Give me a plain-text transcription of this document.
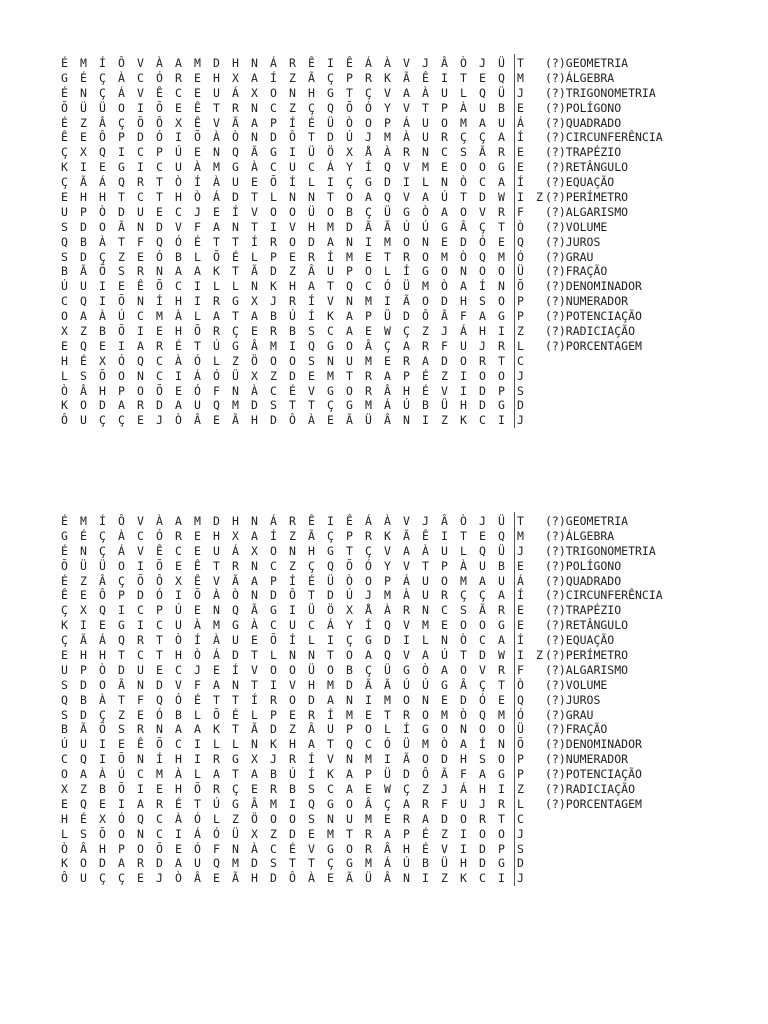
É	M	Í	Ô	V	À	A	M	D	H	N	Á	R	Ê	I	Ê	Á	À	V	J	Â	Ò	J	Ü	T
G	É	Ç	À	C	Ó	R	E	H	X	A	Í	Z	Ã	Ç	P	R	K	Ã	Ê	I	T	E	Q	M
É	N	Ç	Á	V	Ê	C	E	U	Á	X	O	N	H	G	T	Ç	V	A	À	U	L	Q	Ü	J
Õ	Ü	Ü	O	I	Õ	E	Ê	T	R	N	C	Z	Ç	Q	Õ	Ó	Y	V	T	P	À	U	B	E
É	Z	Â	Ç	Õ	Ô	X	Ê	V	Ã	A	P	Í	É	Ü	Ò	O	P	Á	U	O	M	A	U	Á
Ê	E	Ô	P	D	Ó	I	Õ	À	Ò	N	D	Ô	T	D	Ú	J	M	À	U	R	Ç	Ç	A	Í
Ç	X	Q	I	C	P	Ú	E	N	Q	Ã	G	I	Ü	Ö	X	Å	À	R	N	C	S	Ã	R	E
K	I	E	G	I	C	U	À	M	G	À	C	U	C	Á	Y	Í	Q	V	M	E	O	O	G	E
Ç	Ã	Á	Q	R	T	Ò	Í	À	U	E	Õ	Í	L	I	Ç	G	D	I	L	N	Ò	C	A	Í
E	H	H	T	C	T	H	Ò	Á	D	T	L	N	N	T	O	A	Q	V	A	Ú	T	D	W	I	Z
U	P	Ò	D	U	E	C	J	E	Í	V	O	O	Ü	O	B	Ç	Ü	G	Ò	A	O	V	R	F
S	D	O	Ã	N	D	V	F	A	N	T	I	V	H	M	D	Ã	Ã	Ú	Ú	G	Â	Ç	T	Ò
Q	B	À	T	F	Q	Ó	É	T	T	Í	R	O	D	A	N	I	M	O	N	E	D	Ó	E	Q
S	D	Ç	Z	E	Ó	B	L	Õ	É	L	P	E	R	Í	M	E	T	R	O	M	Ò	Q	M	Ó
B	Ã	Õ	S	R	N	A	A	K	T	Ã	D	Z	Â	U	P	O	L	Í	G	O	N	O	O	Ü
Ú	U	I	E	Ê	Õ	C	I	L	L	N	K	H	A	T	Q	C	Ó	Ü	M	Ò	A	Í	N	Õ
C	Q	I	Õ	N	Í	H	I	R	G	X	J	R	Í	V	N	M	I	Ã	O	D	H	S	O	P
O	A	À	Ú	C	M	À	L	A	T	A	B	Ú	Í	K	A	P	Ü	D	Ô	Ã	F	A	G	P
X	Z	B	Õ	I	E	H	Õ	R	Ç	E	R	B	S	C	A	E	W	Ç	Z	J	Á	H	I	Z
E	Q	E	I	A	R	É	T	Ú	G	Â	M	I	Q	G	O	Â	Ç	A	R	F	U	J	R	L
H	É	X	Ó	Q	C	À	Ó	L	Z	Ö	O	O	S	N	U	M	E	R	A	D	O	R	T	C
L	S	Õ	O	N	C	I	Á	Ó	Ü	X	Z	D	E	M	T	R	A	P	É	Z	I	O	O	J
Ò	Â	H	P	O	Õ	E	Ó	F	N	À	C	É	V	G	O	R	Â	H	É	V	I	D	P	S
K	O	D	A	R	D	A	U	Q	M	D	S	T	T	Ç	G	M	Á	Ú	B	Ü	H	D	G	D
Ô	U	Ç	Ç	E	J	Ò	Â	E	Ã	H	D	Ô	À	E	Ã	Ü	Â	N	I	Z	K	C	I	J
(?)GEOMETRIA
(?)ÁLGEBRA
(?)TRIGONOMETRIA
(?)POLÍGONO
(?)QUADRADO
(?)CIRCUNFERÊNCIA
(?)TRAPÉZIO
(?)RETÂNGULO
(?)EQUAÇÃO
(?)PERÍMETRO
(?)ALGARISMO
(?)VOLUME
(?)JUROS
(?)GRAU
(?)FRAÇÃO
(?)DENOMINADOR
(?)NUMERADOR
(?)POTENCIAÇÃO
(?)RADICIAÇÃO
(?)PORCENTAGEM
É	M	Í	Ô	V	À	A	M	D	H	N	Á	R	Ê	I	Ê	Á	À	V	J	Â	Ò	J	Ü	T
G	É	Ç	À	C	Ó	R	E	H	X	A	Í	Z	Ã	Ç	P	R	K	Ã	Ê	I	T	E	Q	M
É	N	Ç	Á	V	Ê	C	E	U	Á	X	O	N	H	G	T	Ç	V	A	À	U	L	Q	Ü	J
Õ	Ü	Ü	O	I	Õ	E	Ê	T	R	N	C	Z	Ç	Q	Õ	Ó	Y	V	T	P	À	U	B	E
É	Z	Â	Ç	Õ	Ô	X	Ê	V	Ã	A	P	Í	É	Ü	Ò	O	P	Á	U	O	M	A	U	Á
Ê	E	Ô	P	D	Ó	I	Õ	À	Ò	N	D	Ô	T	D	Ú	J	M	À	U	R	Ç	Ç	A	Í
Ç	X	Q	I	C	P	Ú	E	N	Q	Ã	G	I	Ü	Ö	X	Å	À	R	N	C	S	Ã	R	E
K	I	E	G	I	C	U	À	M	G	À	C	U	C	Á	Y	Í	Q	V	M	E	O	O	G	E
Ç	Ã	Á	Q	R	T	Ò	Í	À	U	E	Õ	Í	L	I	Ç	G	D	I	L	N	Ò	C	A	Í
E	H	H	T	C	T	H	Ò	Á	D	T	L	N	N	T	O	A	Q	V	A	Ú	T	D	W	I	Z
U	P	Ò	D	U	E	C	J	E	Í	V	O	O	Ü	O	B	Ç	Ü	G	Ò	A	O	V	R	F
S	D	O	Ã	N	D	V	F	A	N	T	I	V	H	M	D	Ã	Ã	Ú	Ú	G	Â	Ç	T	Ò
Q	B	À	T	F	Q	Ó	É	T	T	Í	R	O	D	A	N	I	M	O	N	E	D	Ó	E	Q
S	D	Ç	Z	E	Ó	B	L	Õ	É	L	P	E	R	Í	M	E	T	R	O	M	Ò	Q	M	Ó
B	Ã	Õ	S	R	N	A	A	K	T	Ã	D	Z	Â	U	P	O	L	Í	G	O	N	O	O	Ü
Ú	U	I	E	Ê	Õ	C	I	L	L	N	K	H	A	T	Q	C	Ó	Ü	M	Ò	A	Í	N	Õ
C	Q	I	Õ	N	Í	H	I	R	G	X	J	R	Í	V	N	M	I	Ã	O	D	H	S	O	P
O	A	À	Ú	C	M	À	L	A	T	A	B	Ú	Í	K	A	P	Ü	D	Ô	Ã	F	A	G	P
X	Z	B	Õ	I	E	H	Õ	R	Ç	E	R	B	S	C	A	E	W	Ç	Z	J	Á	H	I	Z
E	Q	E	I	A	R	É	T	Ú	G	Â	M	I	Q	G	O	Â	Ç	A	R	F	U	J	R	L
H	É	X	Ó	Q	C	À	Ó	L	Z	Ö	O	O	S	N	U	M	E	R	A	D	O	R	T	C
L	S	Õ	O	N	C	I	Á	Ó	Ü	X	Z	D	E	M	T	R	A	P	É	Z	I	O	O	J
Ò	Â	H	P	O	Õ	E	Ó	F	N	À	C	É	V	G	O	R	Â	H	É	V	I	D	P	S
K	O	D	A	R	D	A	U	Q	M	D	S	T	T	Ç	G	M	Á	Ú	B	Ü	H	D	G	D
Ô	U	Ç	Ç	E	J	Ò	Â	E	Ã	H	D	Ô	À	E	Ã	Ü	Â	N	I	Z	K	C	I	J
(?)GEOMETRIA
(?)ÁLGEBRA
(?)TRIGONOMETRIA
(?)POLÍGONO
(?)QUADRADO
(?)CIRCUNFERÊNCIA
(?)TRAPÉZIO
(?)RETÂNGULO
(?)EQUAÇÃO
(?)PERÍMETRO
(?)ALGARISMO
(?)VOLUME
(?)JUROS
(?)GRAU
(?)FRAÇÃO
(?)DENOMINADOR
(?)NUMERADOR
(?)POTENCIAÇÃO
(?)RADICIAÇÃO
(?)PORCENTAGEM
